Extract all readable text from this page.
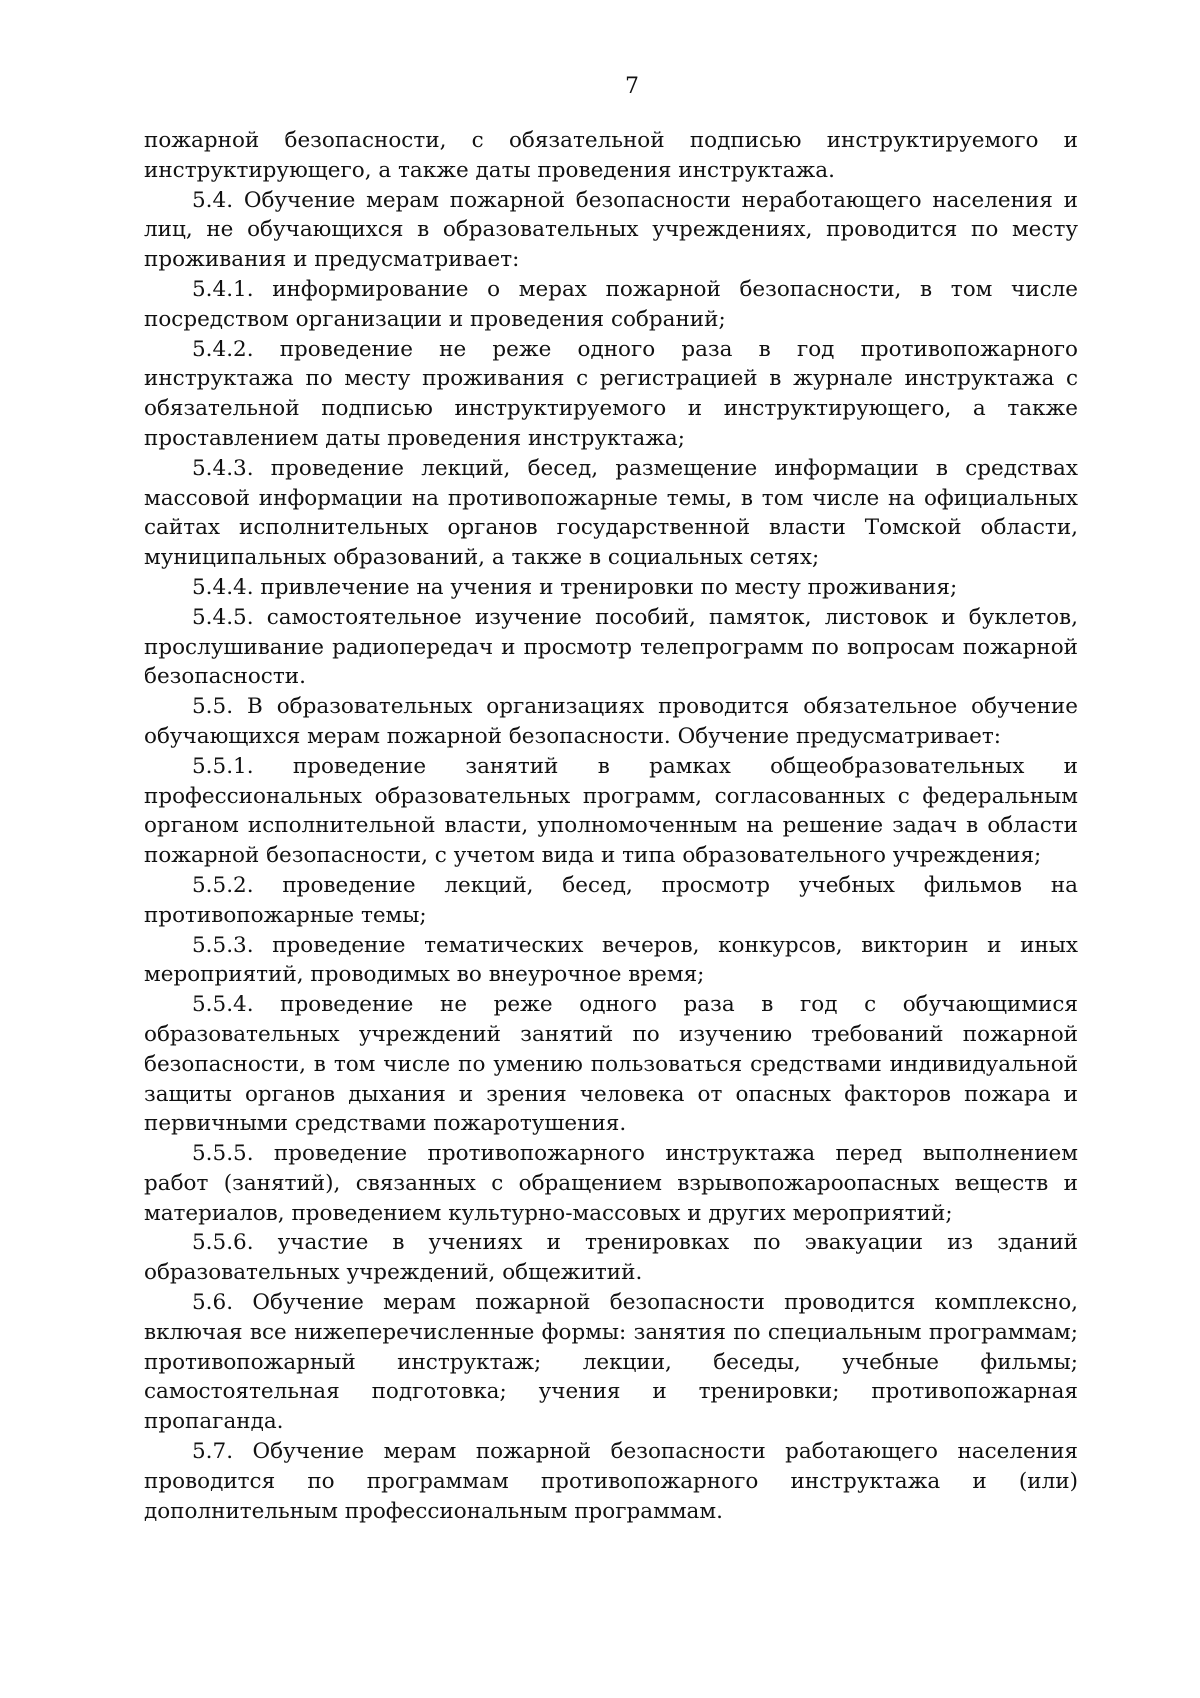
7

пожарной безопасности, с обязательной подписью инструктируемого и инструктирующего, а также даты проведения инструктажа.

5.4. Обучение мерам пожарной безопасности неработающего населения и лиц, не обучающихся в образовательных учреждениях, проводится по месту проживания и предусматривает:

5.4.1. информирование о мерах пожарной безопасности, в том числе посредством организации и проведения собраний;

5.4.2. проведение не реже одного раза в год противопожарного инструктажа по месту проживания с регистрацией в журнале инструктажа с обязательной подписью инструктируемого и инструктирующего, а также проставлением даты проведения инструктажа;

5.4.3. проведение лекций, бесед, размещение информации в средствах массовой информации на противопожарные темы, в том числе на официальных сайтах исполнительных органов государственной власти Томской области, муниципальных образований, а также в социальных сетях;

5.4.4. привлечение на учения и тренировки по месту проживания;

5.4.5. самостоятельное изучение пособий, памяток, листовок и буклетов, прослушивание радиопередач и просмотр телепрограмм по вопросам пожарной безопасности.

5.5. В образовательных организациях проводится обязательное обучение обучающихся мерам пожарной безопасности. Обучение предусматривает:

5.5.1. проведение занятий в рамках общеобразовательных и профессиональных образовательных программ, согласованных с федеральным органом исполнительной власти, уполномоченным на решение задач в области пожарной безопасности, с учетом вида и типа образовательного учреждения;

5.5.2. проведение лекций, бесед, просмотр учебных фильмов на противопожарные темы;

5.5.3. проведение тематических вечеров, конкурсов, викторин и иных мероприятий, проводимых во внеурочное время;

5.5.4. проведение не реже одного раза в год с обучающимися образовательных учреждений занятий по изучению требований пожарной безопасности, в том числе по умению пользоваться средствами индивидуальной защиты органов дыхания и зрения человека от опасных факторов пожара и первичными средствами пожаротушения.

5.5.5. проведение противопожарного инструктажа перед выполнением работ (занятий), связанных с обращением взрывопожароопасных веществ и материалов, проведением культурно-массовых и других мероприятий;

5.5.6. участие в учениях и тренировках по эвакуации из зданий образовательных учреждений, общежитий.

5.6. Обучение мерам пожарной безопасности проводится комплексно, включая все нижеперечисленные формы: занятия по специальным программам; противопожарный инструктаж; лекции, беседы, учебные фильмы; самостоятельная подготовка; учения и тренировки; противопожарная пропаганда.

5.7. Обучение мерам пожарной безопасности работающего населения проводится по программам противопожарного инструктажа и (или) дополнительным профессиональным программам.
